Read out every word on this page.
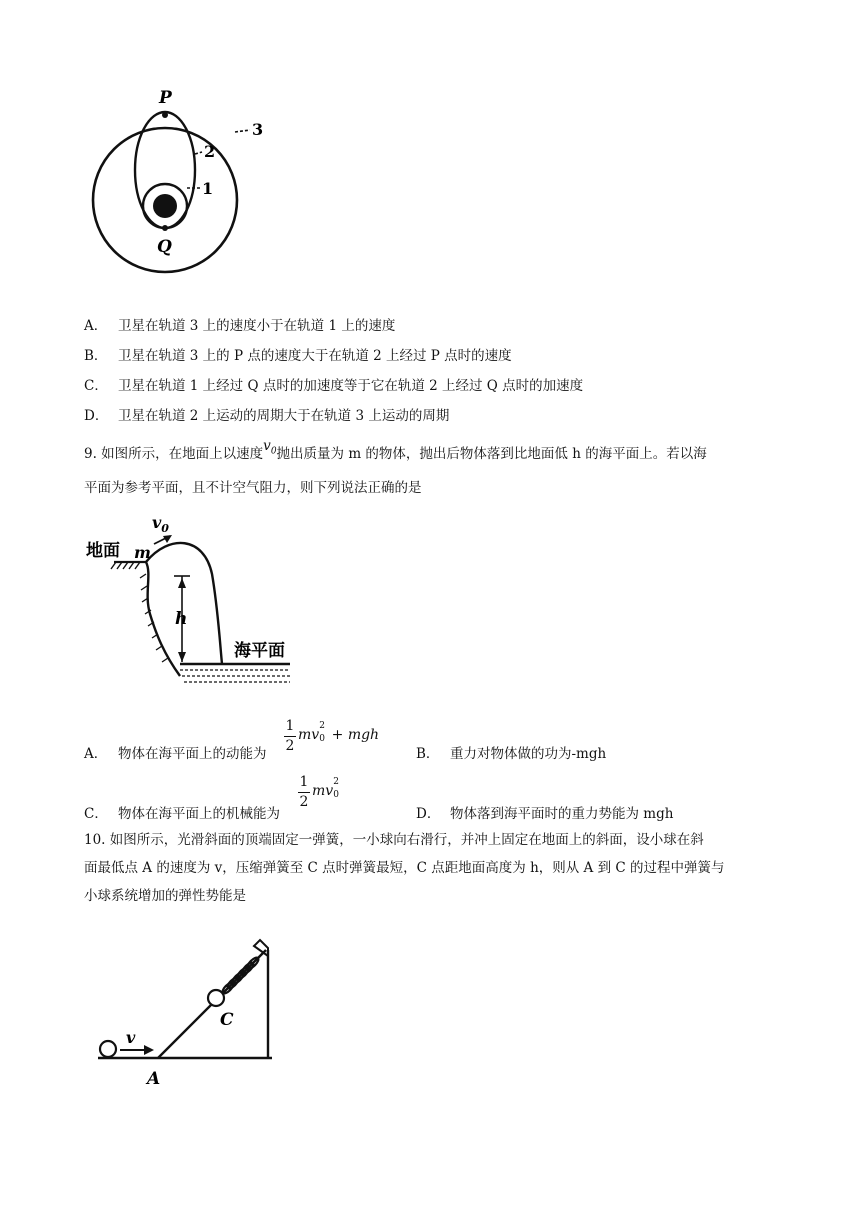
P
Q
3
2
1
A． 卫星在轨道 3 上的速度小于在轨道 1 上的速度
B． 卫星在轨道 3 上的 P 点的速度大于在轨道 2 上经过 P 点时的速度
C． 卫星在轨道 1 上经过 Q 点时的加速度等于它在轨道 2 上经过 Q 点时的加速度
D． 卫星在轨道 2 上运动的周期大于在轨道 3 上运动的周期
9. 如图所示，在地面上以速度$v_0$抛出质量为 m 的物体，抛出后物体落到比地面低 h 的海平面上。若以海
平面为参考平面，且不计空气阻力，则下列说法正确的是
地面 m
$v_0$
h
海平面
A． 物体在海平面上的动能为
1
2
mv
2
0 + mgh
B． 重力对物体做的功为-mgh
C． 物体在海平面上的机械能为
1
2
mv
2
0
D． 物体落到海平面时的重力势能为 mgh
10. 如图所示，光滑斜面的顶端固定一弹簧，一小球向右滑行，并冲上固定在地面上的斜面，设小球在斜
面最低点 A 的速度为 v，压缩弹簧至 C 点时弹簧最短，C 点距地面高度为 h，则从 A 到 C 的过程中弹簧与
小球系统增加的弹性势能是
v
A
C
